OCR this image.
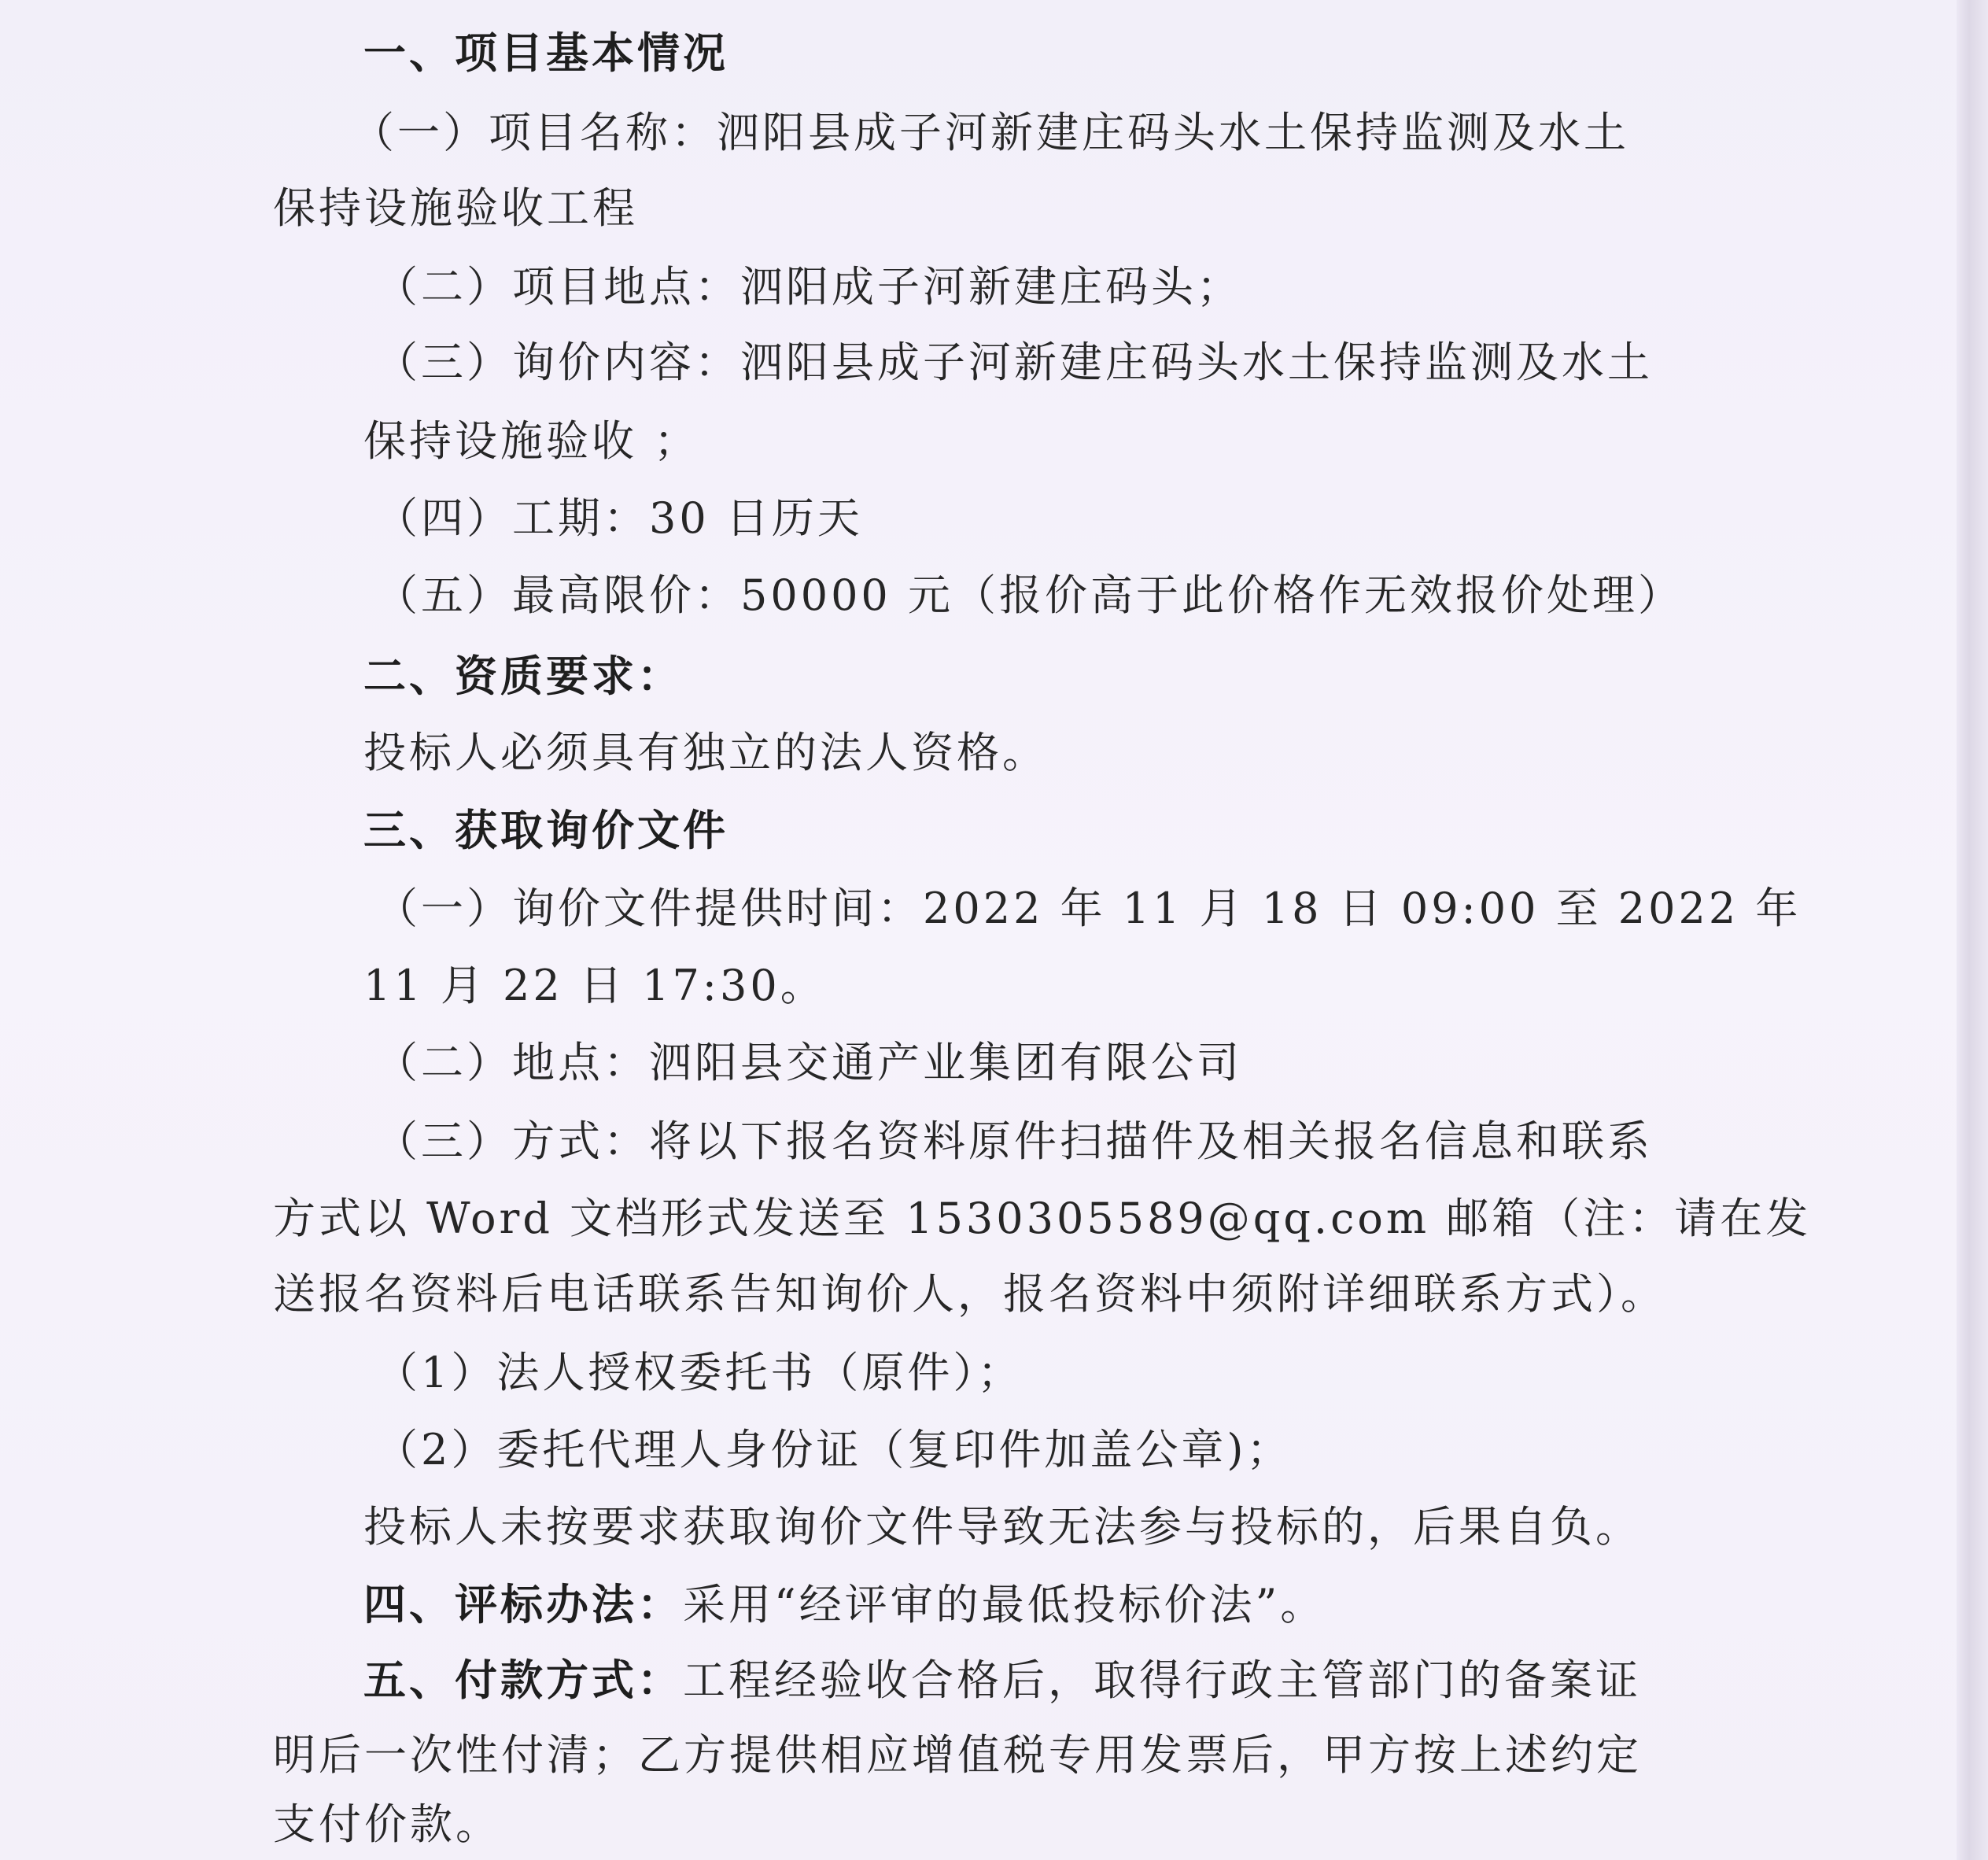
一、项目基本情况
（一）项目名称：泗阳县成子河新建庄码头水土保持监测及水土
保持设施验收工程
（二）项目地点：泗阳成子河新建庄码头；
（三）询价内容：泗阳县成子河新建庄码头水土保持监测及水土
保持设施验收 ；
（四）工期：30 日历天
（五）最高限价：50000 元（报价高于此价格作无效报价处理）
二、资质要求：
投标人必须具有独立的法人资格。
三、获取询价文件
（一）询价文件提供时间：2022 年 11 月 18 日 09:00 至 2022 年
11 月 22 日 17:30。
（二）地点：泗阳县交通产业集团有限公司
（三）方式：将以下报名资料原件扫描件及相关报名信息和联系
方式以 Word 文档形式发送至 1530305589@qq.com 邮箱（注：请在发
送报名资料后电话联系告知询价人，报名资料中须附详细联系方式）。
（1）法人授权委托书（原件）；
（2）委托代理人身份证（复印件加盖公章)；
投标人未按要求获取询价文件导致无法参与投标的，后果自负。
四、评标办法：采用“经评审的最低投标价法”。
五、付款方式：工程经验收合格后，取得行政主管部门的备案证
明后一次性付清；乙方提供相应增值税专用发票后，甲方按上述约定
支付价款。
